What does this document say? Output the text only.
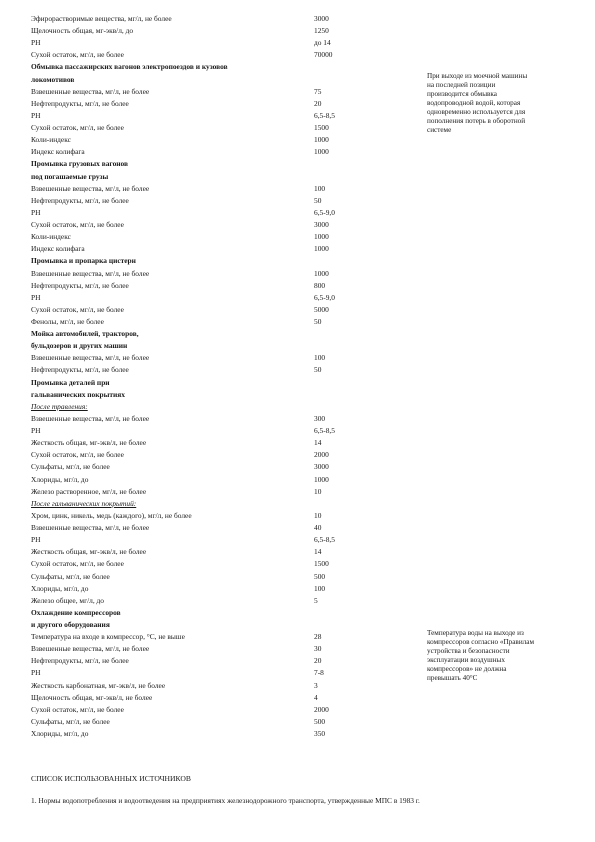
Эфирорастворимые вещества, мг/л, не более	3000
Щелочность общая, мг-экв/л, до	1250
PH	до 14
Сухой остаток, мг/л, не более	70000
Обмывка пассажирских вагонов электропоездов и кузовов
локомотивов
Взвешенные вещества, мг/л, не более	75
Нефтепродукты, мг/л, не более	20
PH	6,5-8,5
Сухой остаток, мг/л, не более	1500
Коли-индекс	1000
Индекс колифага	1000
Промывка грузовых вагонов
под погашаемые грузы
Взвешенные вещества, мг/л, не более	100
Нефтепродукты, мг/л, не более	50
PH	6,5-9,0
Сухой остаток, мг/л, не более	3000
Коли-индекс	1000
Индекс колифага	1000
Промывка и пропарка цистерн
Взвешенные вещества, мг/л, не более	1000
Нефтепродукты, мг/л, не более	800
PH	6,5-9,0
Сухой остаток, мг/л, не более	5000
Фенолы, мг/л, не более	50
Мойка автомобилей, тракторов,
бульдозеров и других машин
Взвешенные вещества, мг/л, не более	100
Нефтепродукты, мг/л, не более	50
Промывка деталей при
гальванических покрытиях
После травления:
Взвешенные вещества, мг/л, не более	300
PH	6,5-8,5
Жесткость общая, мг-экв/л, не более	14
Сухой остаток, мг/л, не более	2000
Сульфаты, мг/л, не более	3000
Хлориды, мг/л, до	1000
Железо растворенное, мг/л, не более	10
После гальванических покрытий:
Хром, цинк, никель, медь (каждого), мг/л, не более	10
Взвешенные вещества, мг/л, не более	40
PH	6,5-8,5
Жесткость общая, мг-экв/л, не более	14
Сухой остаток, мг/л, не более	1500
Сульфаты, мг/л, не более	500
Хлориды, мг/л, до	100
Железо общее, мг/л, до	5
Охлаждение компрессоров
и другого оборудования
Температура на входе в компрессор, °С, не выше	28
Взвешенные вещества, мг/л, не более	30
Нефтепродукты, мг/л, не более	20
PH	7-8
Жесткость карбонатная, мг-экв/л, не более	3
Щелочность общая, мг-экв/л, не более	4
Сухой остаток, мг/л, не более	2000
Сульфаты, мг/л, не более	500
Хлориды, мг/л, до	350
При выходе из моечной машины
на последней позиции
производится обмывка
водопроводной водой, которая
одновременно используется для
пополнения потерь в оборотной
системе
Температура воды на выходе из
компрессоров согласно «Правилам
устройства и безопасности
эксплуатации воздушных
компрессоров» не должна
превышать 40°С
СПИСОК ИСПОЛЬЗОВАННЫХ ИСТОЧНИКОВ
1. Нормы водопотребления и водоотведения на предприятиях железнодорожного транспорта, утвержденные МПС в 1983 г.
